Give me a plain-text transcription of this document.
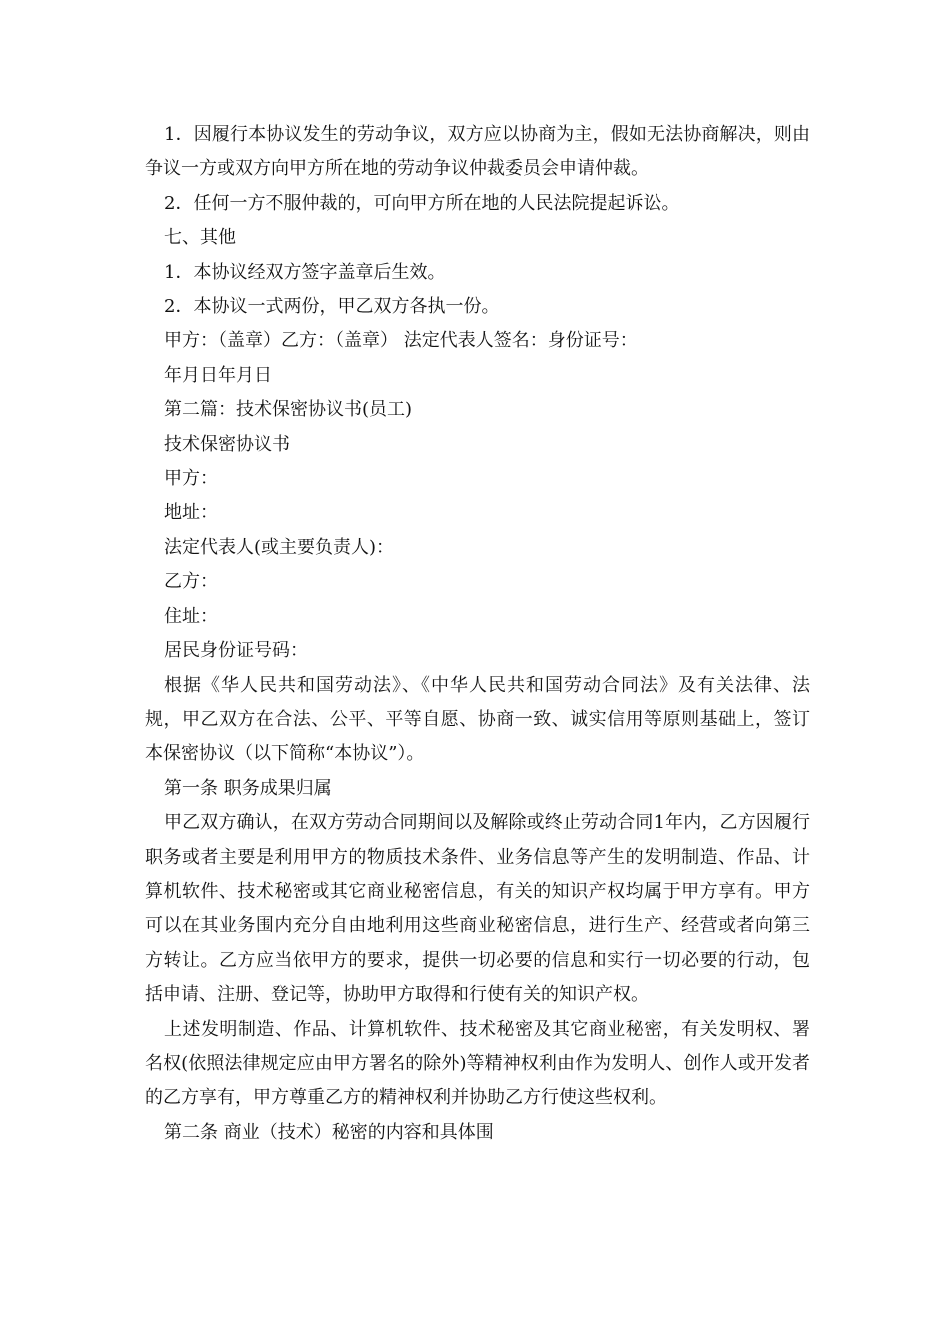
1．因履行本协议发生的劳动争议，双方应以协商为主，假如无法协商解决，则由争议一方或双方向甲方所在地的劳动争议仲裁委员会申请仲裁。

2．任何一方不服仲裁的，可向甲方所在地的人民法院提起诉讼。

七、其他

1．本协议经双方签字盖章后生效。

2．本协议一式两份，甲乙双方各执一份。

甲方：（盖章）乙方：（盖章） 法定代表人签名：身份证号：

年月日年月日

第二篇：技术保密协议书(员工)

技术保密协议书

甲方：

地址：

法定代表人(或主要负责人)：

乙方：

住址：

居民身份证号码：

根据《华人民共和国劳动法》、《中华人民共和国劳动合同法》及有关法律、法规，甲乙双方在合法、公平、平等自愿、协商一致、诚实信用等原则基础上，签订本保密协议（以下简称“本协议”）。

第一条 职务成果归属

甲乙双方确认，在双方劳动合同期间以及解除或终止劳动合同1年内，乙方因履行职务或者主要是利用甲方的物质技术条件、业务信息等产生的发明制造、作品、计算机软件、技术秘密或其它商业秘密信息，有关的知识产权均属于甲方享有。甲方可以在其业务围内充分自由地利用这些商业秘密信息，进行生产、经营或者向第三方转让。乙方应当依甲方的要求，提供一切必要的信息和实行一切必要的行动，包括申请、注册、登记等，协助甲方取得和行使有关的知识产权。

上述发明制造、作品、计算机软件、技术秘密及其它商业秘密，有关发明权、署名权(依照法律规定应由甲方署名的除外)等精神权利由作为发明人、创作人或开发者的乙方享有，甲方尊重乙方的精神权利并协助乙方行使这些权利。

第二条 商业（技术）秘密的内容和具体围
